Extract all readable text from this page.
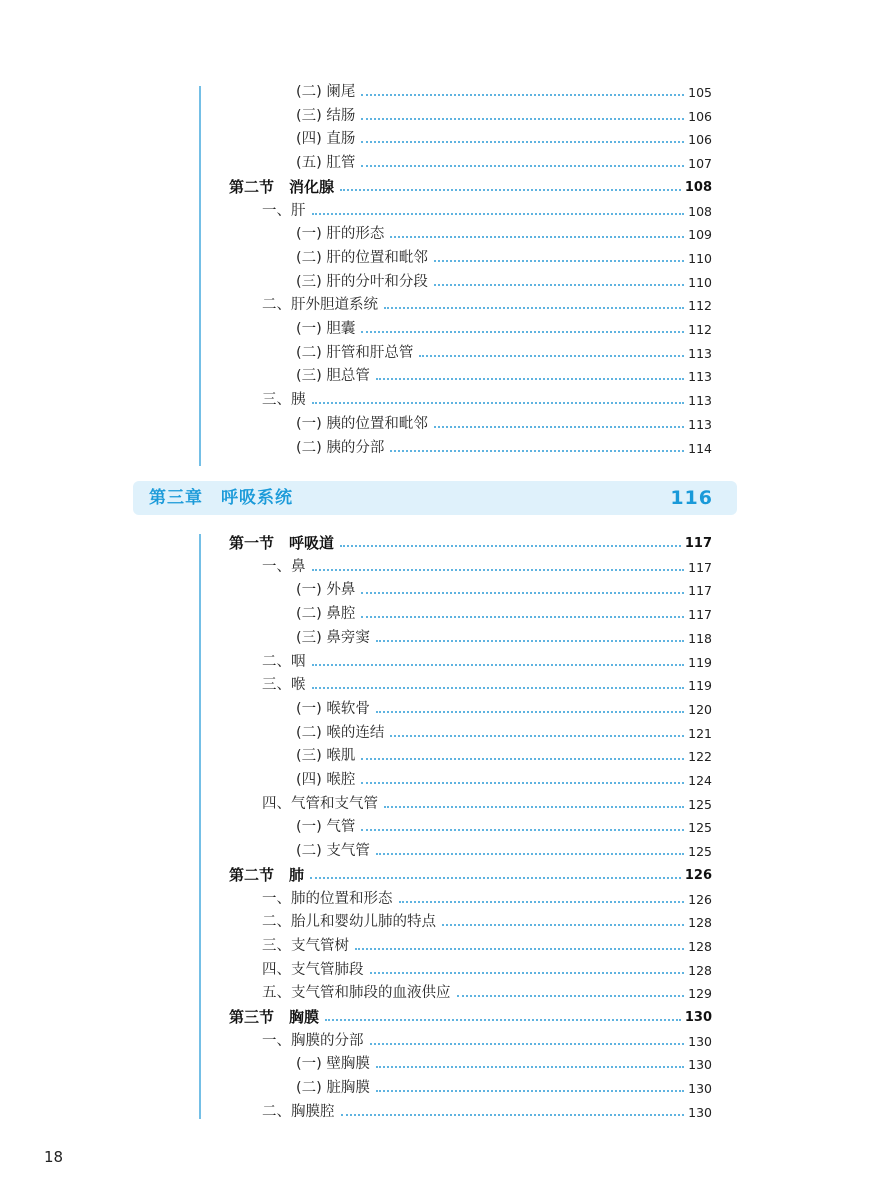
(二) 阑尾	105
(三) 结肠	106
(四) 直肠	106
(五) 肛管	107
第二节　消化腺	108
一、肝	108
(一) 肝的形态	109
(二) 肝的位置和毗邻	110
(三) 肝的分叶和分段	110
二、肝外胆道系统	112
(一) 胆囊	112
(二) 肝管和肝总管	113
(三) 胆总管	113
三、胰	113
(一) 胰的位置和毗邻	113
(二) 胰的分部	114
第三章　呼吸系统	116
第一节　呼吸道	117
一、鼻	117
(一) 外鼻	117
(二) 鼻腔	117
(三) 鼻旁窦	118
二、咽	119
三、喉	119
(一) 喉软骨	120
(二) 喉的连结	121
(三) 喉肌	122
(四) 喉腔	124
四、气管和支气管	125
(一) 气管	125
(二) 支气管	125
第二节　肺	126
一、肺的位置和形态	126
二、胎儿和婴幼儿肺的特点	128
三、支气管树	128
四、支气管肺段	128
五、支气管和肺段的血液供应	129
第三节　胸膜	130
一、胸膜的分部	130
(一) 壁胸膜	130
(二) 脏胸膜	130
二、胸膜腔	130
18
